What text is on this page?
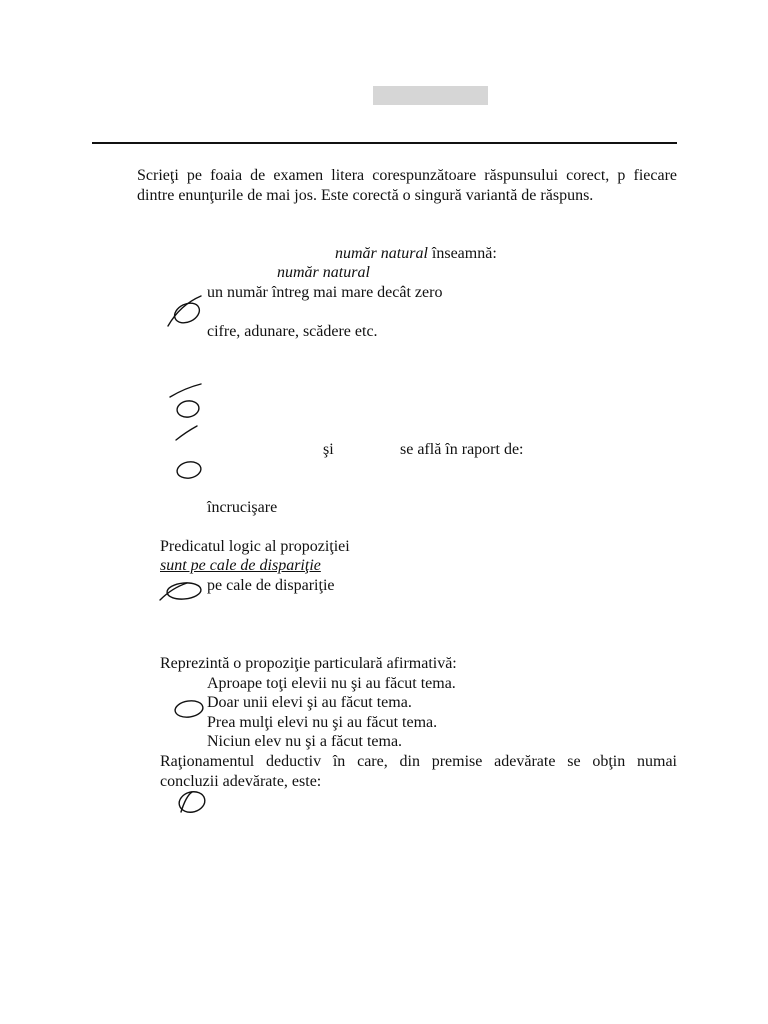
Scrieţi pe foaia de examen litera corespunzătoare răspunsului corect, p fiecare dintre enunţurile de mai jos. Este corectă o singură variantă de răspuns.
număr natural înseamnă:
număr natural
un număr întreg mai mare decât zero
cifre, adunare, scădere etc.
şi	se află în raport de:
încrucişare
Predicatul logic al propoziţiei
sunt pe cale de dispariţie
pe cale de dispariţie
Reprezintă o propoziţie particulară afirmativă:
Aproape toţi elevii nu şi au făcut tema.
Doar unii elevi şi au făcut tema.
Prea mulţi elevi nu şi au făcut tema.
Niciun elev nu şi a făcut tema.
Raţionamentul deductiv în care, din premise adevărate se obţin numai
concluzii adevărate, este:
